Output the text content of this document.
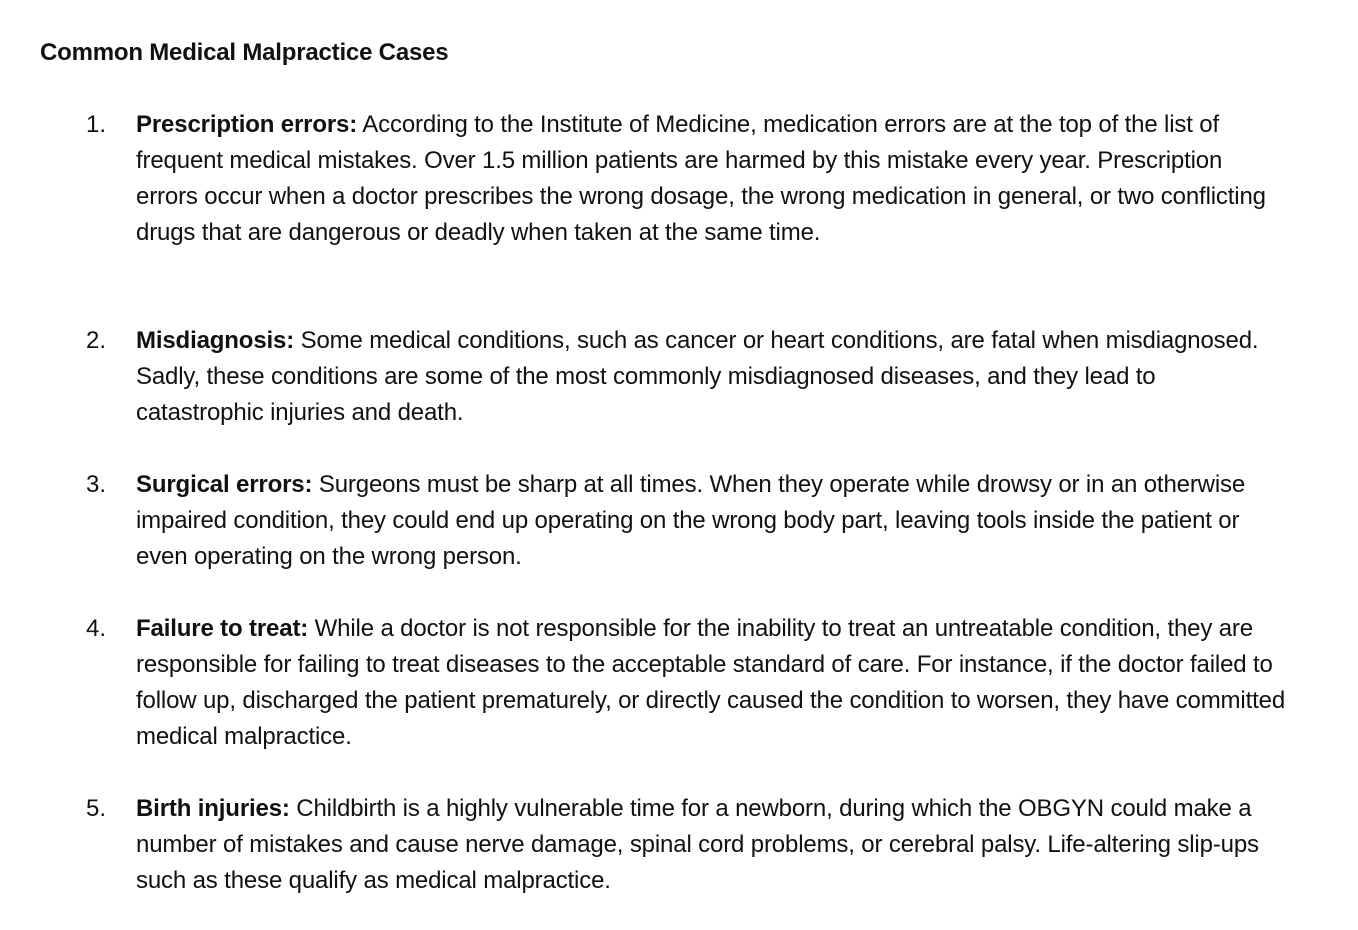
Common Medical Malpractice Cases
1. Prescription errors: According to the Institute of Medicine, medication errors are at the top of the list of frequent medical mistakes. Over 1.5 million patients are harmed by this mistake every year. Prescription errors occur when a doctor prescribes the wrong dosage, the wrong medication in general, or two conflicting drugs that are dangerous or deadly when taken at the same time.
2. Misdiagnosis: Some medical conditions, such as cancer or heart conditions, are fatal when misdiagnosed. Sadly, these conditions are some of the most commonly misdiagnosed diseases, and they lead to catastrophic injuries and death.
3. Surgical errors: Surgeons must be sharp at all times. When they operate while drowsy or in an otherwise impaired condition, they could end up operating on the wrong body part, leaving tools inside the patient or even operating on the wrong person.
4. Failure to treat: While a doctor is not responsible for the inability to treat an untreatable condition, they are responsible for failing to treat diseases to the acceptable standard of care. For instance, if the doctor failed to follow up, discharged the patient prematurely, or directly caused the condition to worsen, they have committed medical malpractice.
5. Birth injuries: Childbirth is a highly vulnerable time for a newborn, during which the OBGYN could make a number of mistakes and cause nerve damage, spinal cord problems, or cerebral palsy. Life-altering slip-ups such as these qualify as medical malpractice.
